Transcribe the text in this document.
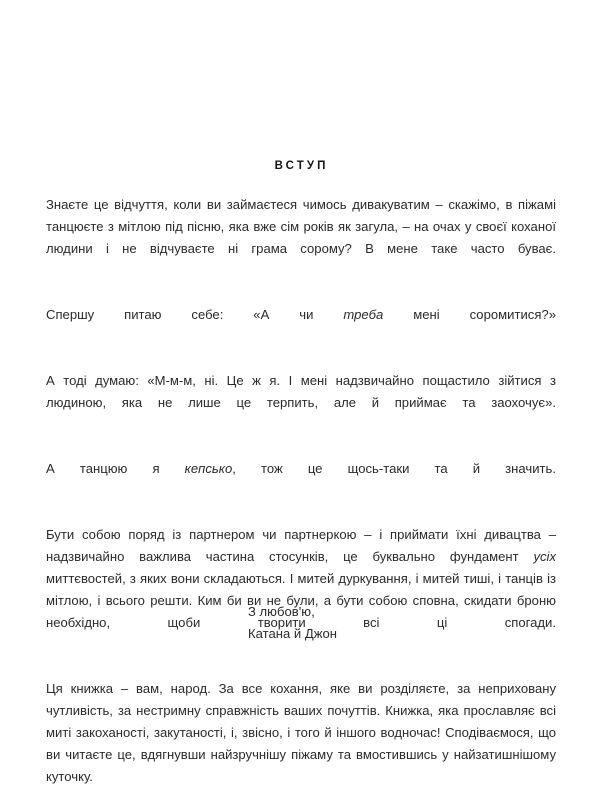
ВСТУП

Знаєте це відчуття, коли ви займаєтеся чимось дивакуватим – скажімо, в піжамі танцюєте з мітлою під пісню, яка вже сім років як загула, – на очах у своєї коханої людини і не відчуваєте ні грама сорому? В мене таке часто буває.

Спершу питаю себе: «А чи треба мені соромитися?»

А тоді думаю: «М-м-м, ні. Це ж я. І мені надзвичайно пощастило зійтися з людиною, яка не лише це терпить, але й приймає та заохочує».

А танцюю я кепсько, тож це щось-таки та й значить.

Бути собою поряд із партнером чи партнеркою – і приймати їхні дивацтва – надзвичайно важлива частина стосунків, це буквально фундамент усіх миттєвостей, з яких вони складаються. І митей дуркування, і митей тиші, і танців із мітлою, і всього решти. Ким би ви не були, а бути собою сповна, скидати броню необхідно, щоби творити всі ці спогади.

Ця книжка – вам, народ. За все кохання, яке ви розділяєте, за неприховану чутливість, за нестримну справжність ваших почуттів. Книжка, яка прославляє всі миті закоханості, закутаності, і, звісно, і того й іншого водночас! Сподіваємося, що ви читаєте це, вдягнувши найзручнішу піжаму та вмостившись у найзатишнішому куточку.

З любов'ю,
Катана й Джон
